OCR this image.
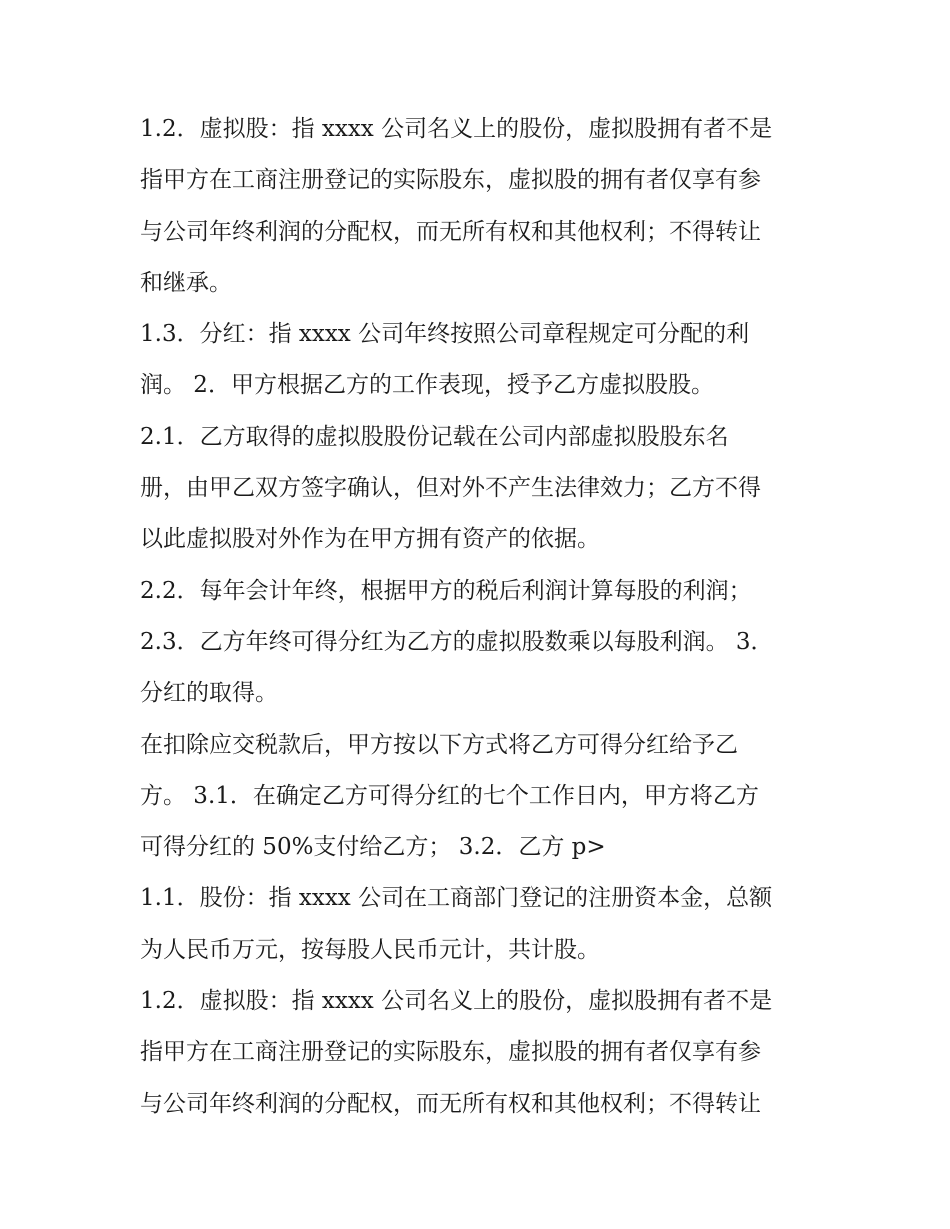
1.2．虚拟股：指 xxxx 公司名义上的股份，虚拟股拥有者不是
指甲方在工商注册登记的实际股东，虚拟股的拥有者仅享有参
与公司年终利润的分配权，而无所有权和其他权利；不得转让
和继承。
1.3．分红：指 xxxx 公司年终按照公司章程规定可分配的利
润。 2．甲方根据乙方的工作表现，授予乙方虚拟股股。
2.1．乙方取得的虚拟股股份记载在公司内部虚拟股股东名
册，由甲乙双方签字确认，但对外不产生法律效力；乙方不得
以此虚拟股对外作为在甲方拥有资产的依据。
2.2．每年会计年终，根据甲方的税后利润计算每股的利润；
2.3．乙方年终可得分红为乙方的虚拟股数乘以每股利润。 3．
分红的取得。
在扣除应交税款后，甲方按以下方式将乙方可得分红给予乙
方。 3.1．在确定乙方可得分红的七个工作日内，甲方将乙方
可得分红的 50%支付给乙方； 3.2．乙方 p>
1.1．股份：指 xxxx 公司在工商部门登记的注册资本金，总额
为人民币万元，按每股人民币元计，共计股。
1.2．虚拟股：指 xxxx 公司名义上的股份，虚拟股拥有者不是
指甲方在工商注册登记的实际股东，虚拟股的拥有者仅享有参
与公司年终利润的分配权，而无所有权和其他权利；不得转让
